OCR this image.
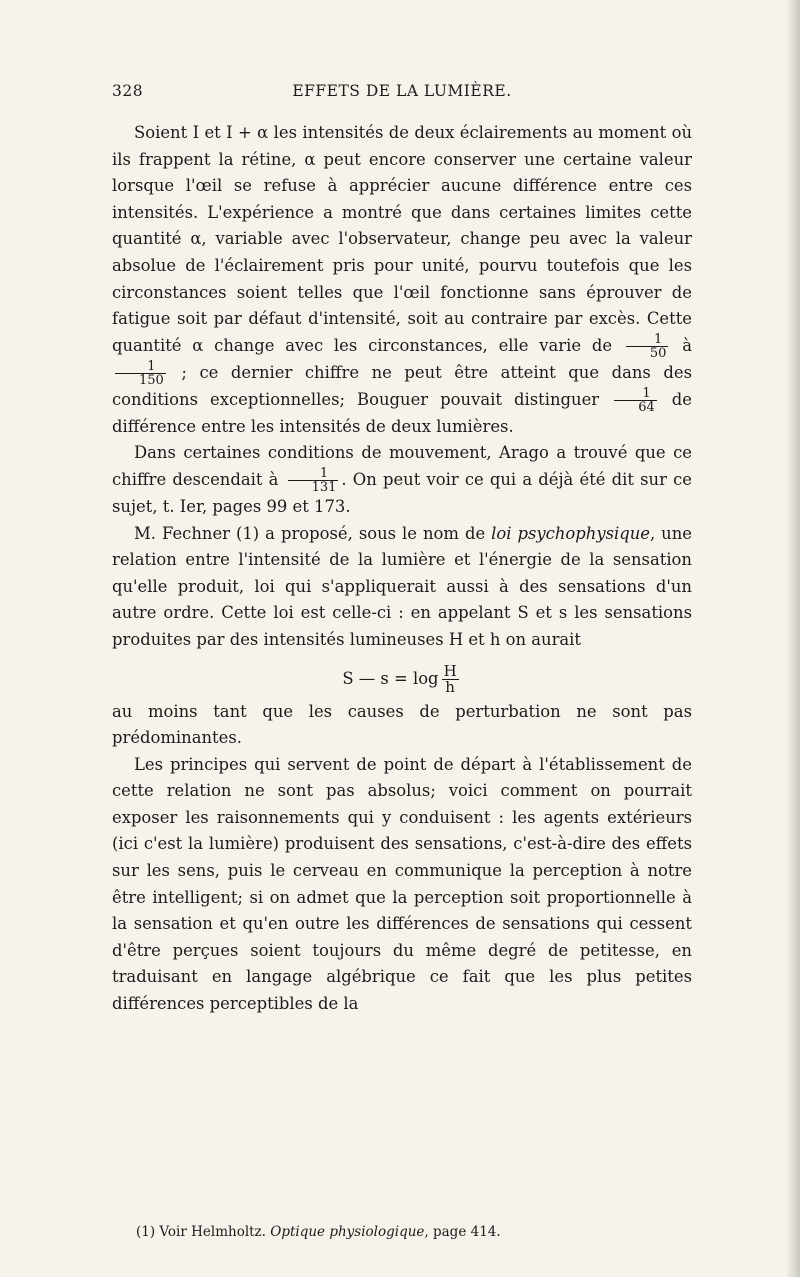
328	EFFETS DE LA LUMIÈRE.

Soient I et I + α les intensités de deux éclairements au moment où ils frappent la rétine, α peut encore conserver une certaine valeur lorsque l'œil se refuse à apprécier aucune différence entre ces intensités. L'expérience a montré que dans certaines limites cette quantité α, variable avec l'observateur, change peu avec la valeur absolue de l'éclairement pris pour unité, pourvu toutefois que les circonstances soient telles que l'œil fonctionne sans éprouver de fatigue soit par défaut d'intensité, soit au contraire par excès. Cette quantité α change avec les circonstances, elle varie de $\frac{1}{50}$ à
$\frac{1}{150}$ ; ce dernier chiffre ne peut être atteint que dans des conditions exceptionnelles; Bouguer pouvait distinguer $\frac{1}{64}$ de différence entre les intensités de deux lumières.

Dans certaines conditions de mouvement, Arago a trouvé que ce chiffre descendait à $\frac{1}{131}$ . On peut voir ce qui a déjà été dit sur ce sujet, t. Ier, pages 99 et 173.

M. Fechner (1) a proposé, sous le nom de loi psychophysique, une relation entre l'intensité de la lumière et l'énergie de la sensation qu'elle produit, loi qui s'appliquerait aussi à des sensations d'un autre ordre. Cette loi est celle-ci : en appelant S et s les sensations produites par des intensités lumineuses H et h on aurait

S — $s = \log \frac{H}{h}$

au moins tant que les causes de perturbation ne sont pas prédominantes.

Les principes qui servent de point de départ à l'établissement de cette relation ne sont pas absolus; voici comment on pourrait exposer les raisonnements qui y conduisent : les agents extérieurs (ici c'est la lumière) produisent des sensations, c'est-à-dire des effets sur les sens, puis le cerveau en communique la perception à notre être intelligent; si on admet que la perception soit proportionnelle à la sensation et qu'en outre les différences de sensations qui cessent d'être perçues soient toujours du même degré de petitesse, en traduisant en langage algébrique ce fait que les plus petites différences perceptibles de la

(1) Voir Helmholtz. Optique physiologique, page 414.
